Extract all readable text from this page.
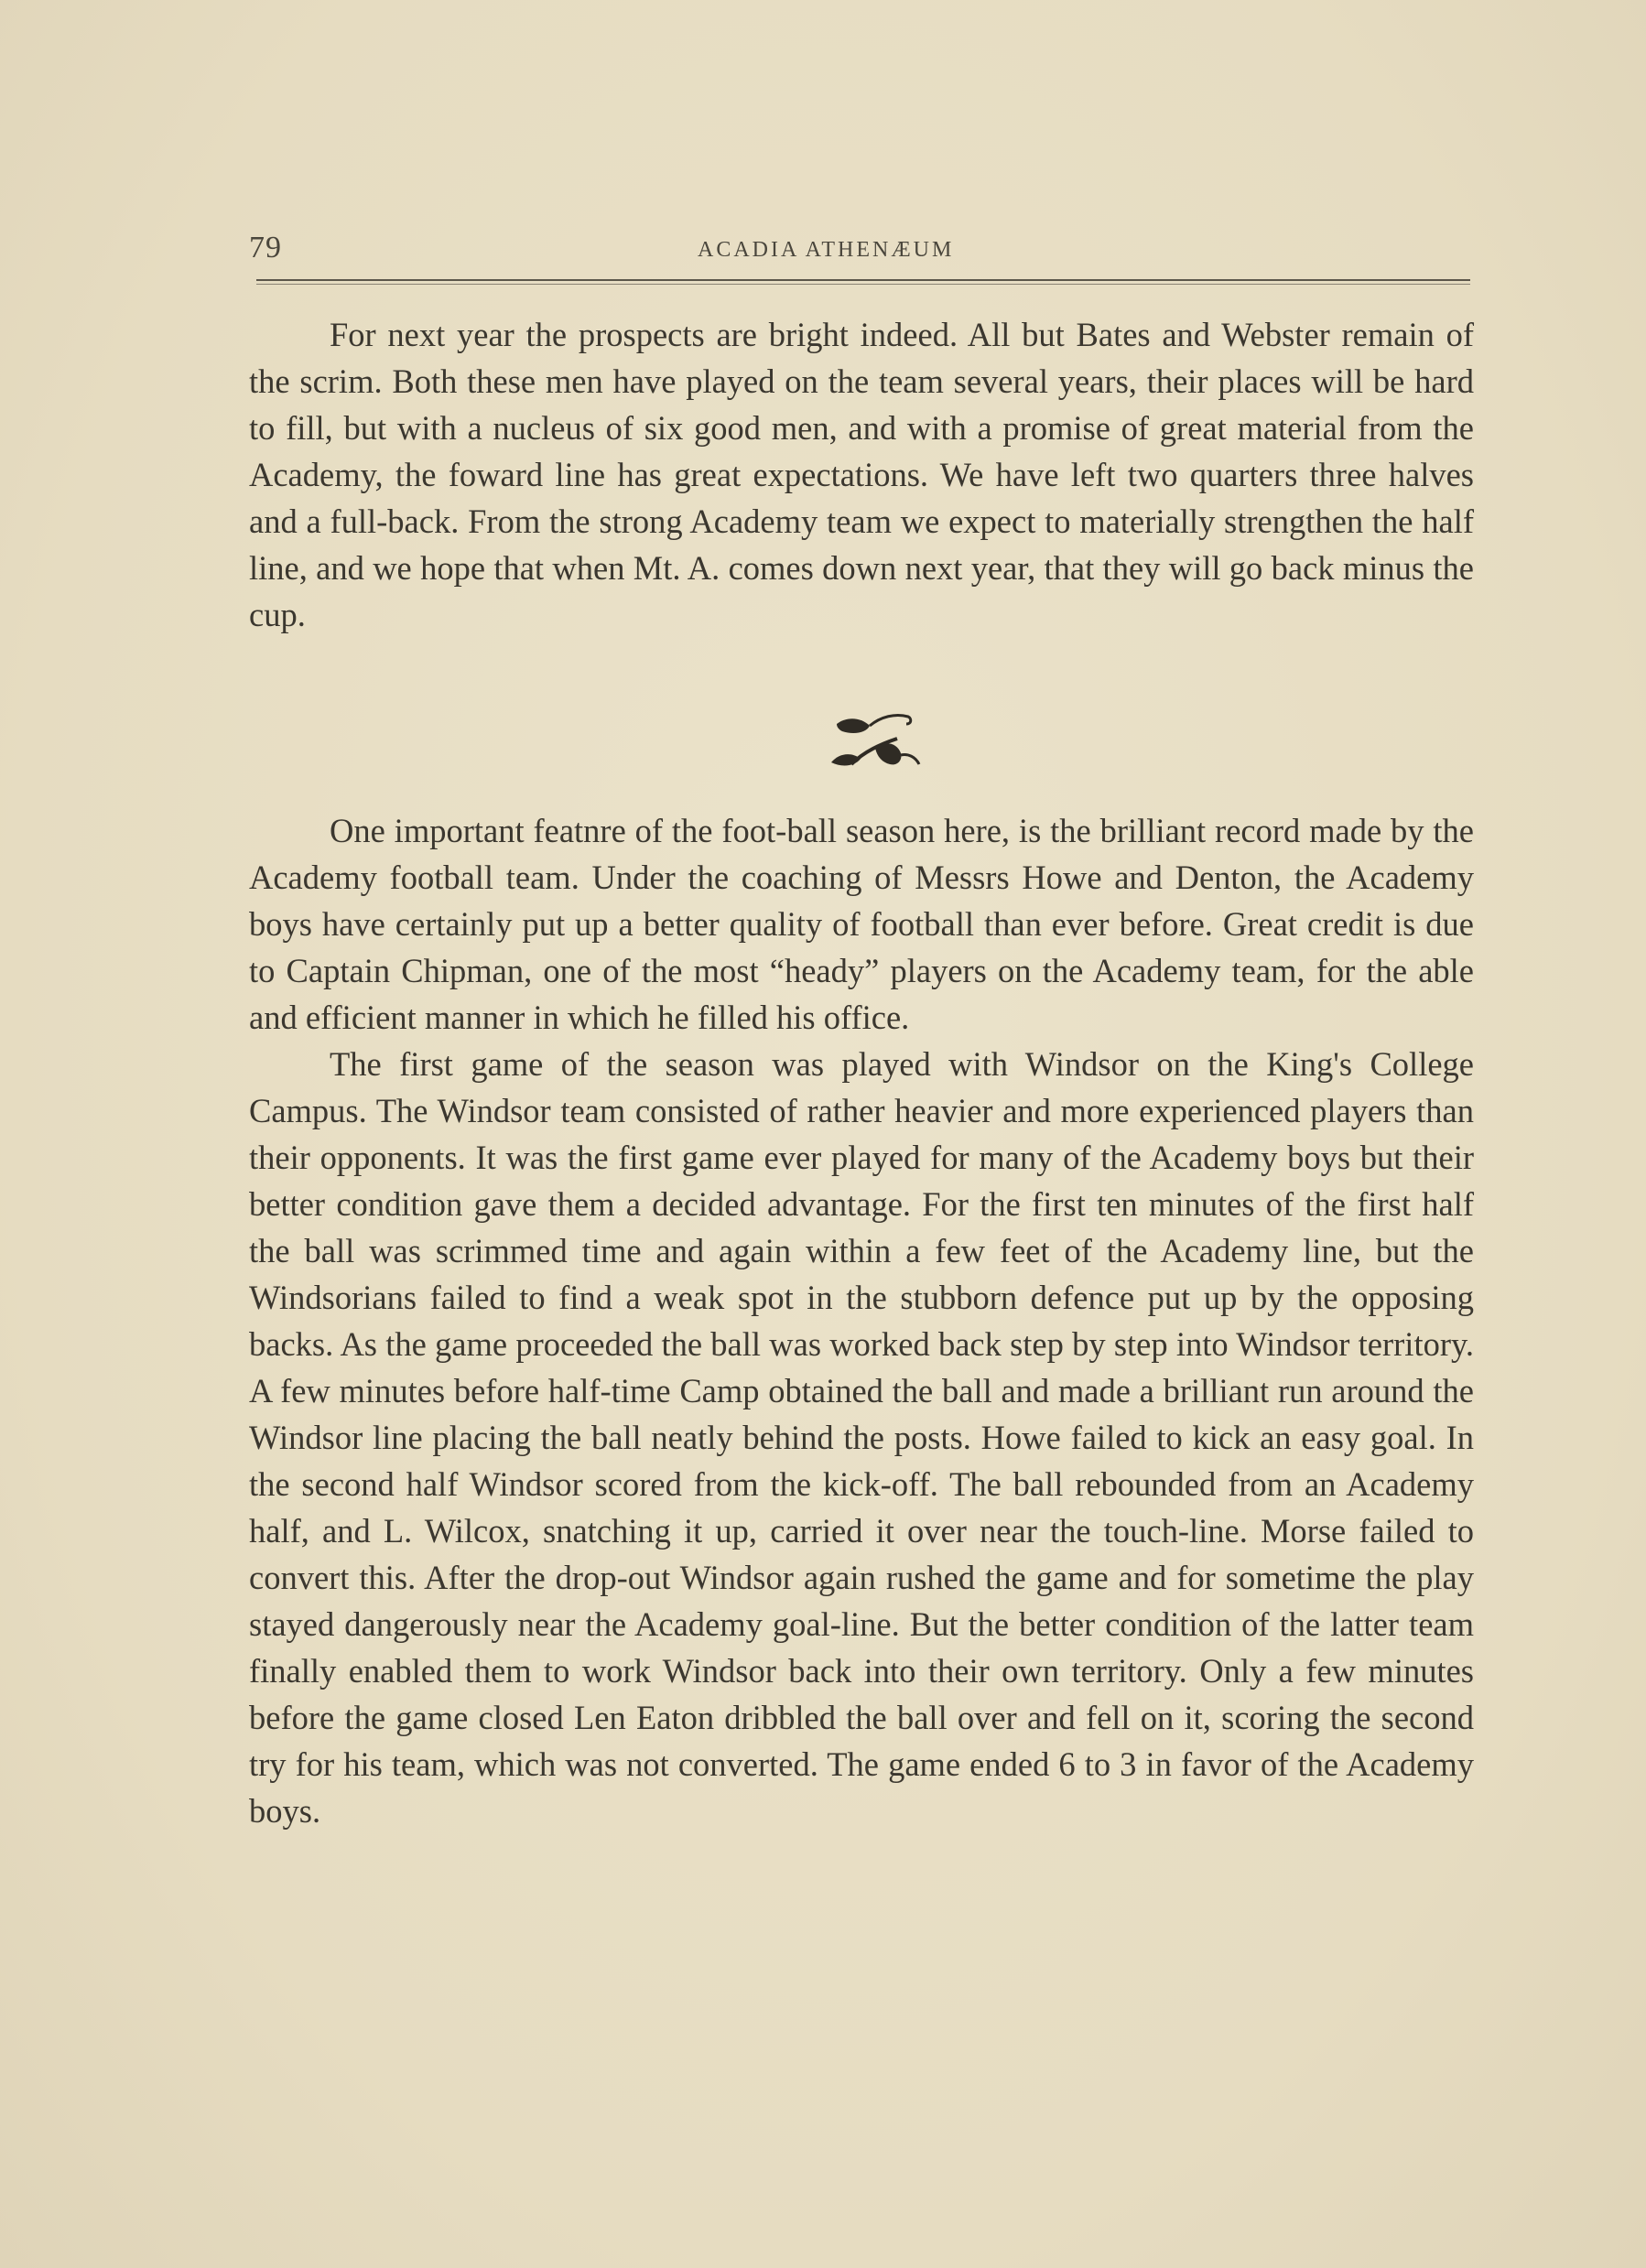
79	ACADIA ATHENÆUM

For next year the prospects are bright indeed. All but Bates and Webster remain of the scrim. Both these men have played on the team several years, their places will be hard to fill, but with a nucleus of six good men, and with a promise of great material from the Academy, the foward line has great expectations. We have left two quarters three halves and a full-back. From the strong Academy team we expect to materially strengthen the half line, and we hope that when Mt. A. comes down next year, that they will go back minus the cup.

One important featnre of the foot-ball season here, is the brilliant record made by the Academy football team. Under the coaching of Messrs Howe and Denton, the Academy boys have certainly put up a better quality of football than ever before. Great credit is due to Captain Chipman, one of the most “heady” players on the Academy team, for the able and efficient manner in which he filled his office.

The first game of the season was played with Windsor on the King's College Campus. The Windsor team consisted of rather heavier and more experienced players than their opponents. It was the first game ever played for many of the Academy boys but their better condition gave them a decided advantage. For the first ten minutes of the first half the ball was scrimmed time and again within a few feet of the Academy line, but the Windsorians failed to find a weak spot in the stubborn defence put up by the opposing backs. As the game proceeded the ball was worked back step by step into Windsor territory. A few minutes before half-time Camp obtained the ball and made a brilliant run around the Windsor line placing the ball neatly behind the posts. Howe failed to kick an easy goal. In the second half Windsor scored from the kick-off. The ball rebounded from an Academy half, and L. Wilcox, snatching it up, carried it over near the touch-line. Morse failed to convert this. After the drop-out Windsor again rushed the game and for sometime the play stayed dangerously near the Academy goal-line. But the better condition of the latter team finally enabled them to work Windsor back into their own territory. Only a few minutes before the game closed Len Eaton dribbled the ball over and fell on it, scoring the second try for his team, which was not converted. The game ended 6 to 3 in favor of the Academy boys.
